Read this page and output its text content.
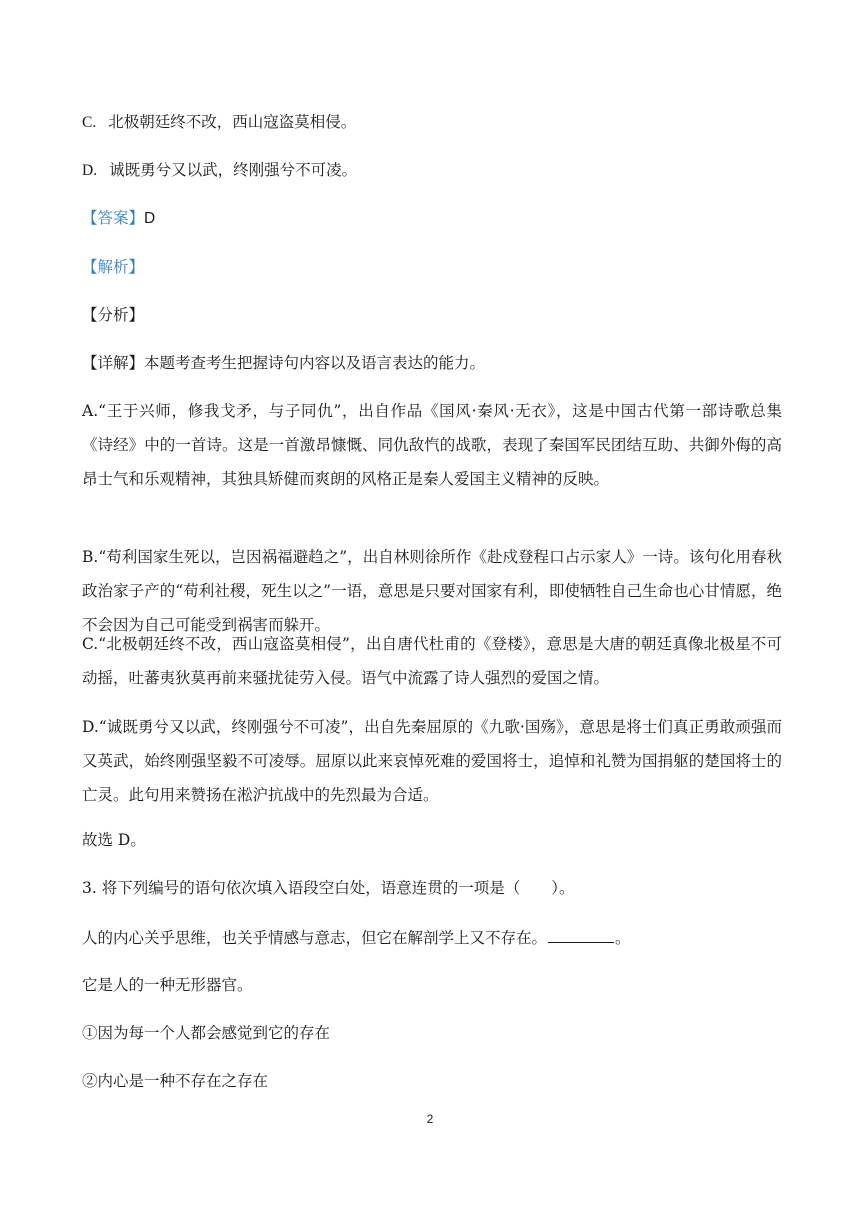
C. 北极朝廷终不改，西山寇盗莫相侵。
D. 诚既勇兮又以武，终刚强兮不可凌。
【答案】D
【解析】
【分析】
【详解】本题考查考生把握诗句内容以及语言表达的能力。
A.“王于兴师，修我戈矛，与子同仇”，出自作品《国风·秦风·无衣》，这是中国古代第一部诗歌总集《诗经》中的一首诗。这是一首激昂慷慨、同仇敌忾的战歌，表现了秦国军民团结互助、共御外侮的高昂士气和乐观精神，其独具矫健而爽朗的风格正是秦人爱国主义精神的反映。
B.“苟利国家生死以，岂因祸福避趋之”，出自林则徐所作《赴戍登程口占示家人》一诗。该句化用春秋政治家子产的“苟利社稷，死生以之”一语，意思是只要对国家有利，即使牺牲自己生命也心甘情愿，绝不会因为自己可能受到祸害而躲开。
C.“北极朝廷终不改，西山寇盗莫相侵”，出自唐代杜甫的《登楼》，意思是大唐的朝廷真像北极星不可动摇，吐蕃夷狄莫再前来骚扰徒劳入侵。语气中流露了诗人强烈的爱国之情。
D.“诚既勇兮又以武，终刚强兮不可凌”，出自先秦屈原的《九歌·国殇》，意思是将士们真正勇敢顽强而又英武，始终刚强坚毅不可凌辱。屈原以此来哀悼死难的爱国将士，追悼和礼赞为国捐躯的楚国将士的亡灵。此句用来赞扬在淞沪抗战中的先烈最为合适。
故选 D。
3. 将下列编号的语句依次填入语段空白处，语意连贯的一项是（　　）。
人的内心关乎思维，也关乎情感与意志，但它在解剖学上又不存在。	。
它是人的一种无形器官。
①因为每一个人都会感觉到它的存在
②内心是一种不存在之存在
2
